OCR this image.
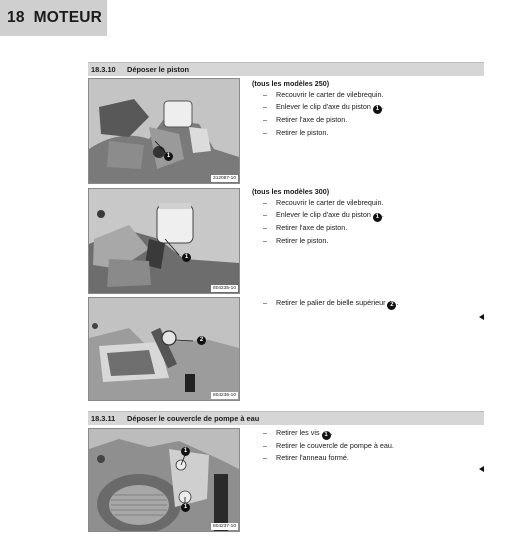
18 MOTEUR
18.3.10 Déposer le piston
1
312087-10
(tous les modèles 250)
– Recouvrir le carter de vilebrequin.
– Enlever le clip d'axe du piston 1 .
– Retirer l'axe de piston.
– Retirer le piston.
1
804235-10
(tous les modèles 300)
– Recouvrir le carter de vilebrequin.
– Enlever le clip d'axe du piston 1 .
– Retirer l'axe de piston.
– Retirer le piston.
2
804236-10
– Retirer le palier de bielle supérieur 2 .
18.3.11 Déposer le couvercle de pompe à eau
1
1
804237-10
– Retirer les vis 1 .
– Retirer le couvercle de pompe à eau.
– Retirer l'anneau formé.
